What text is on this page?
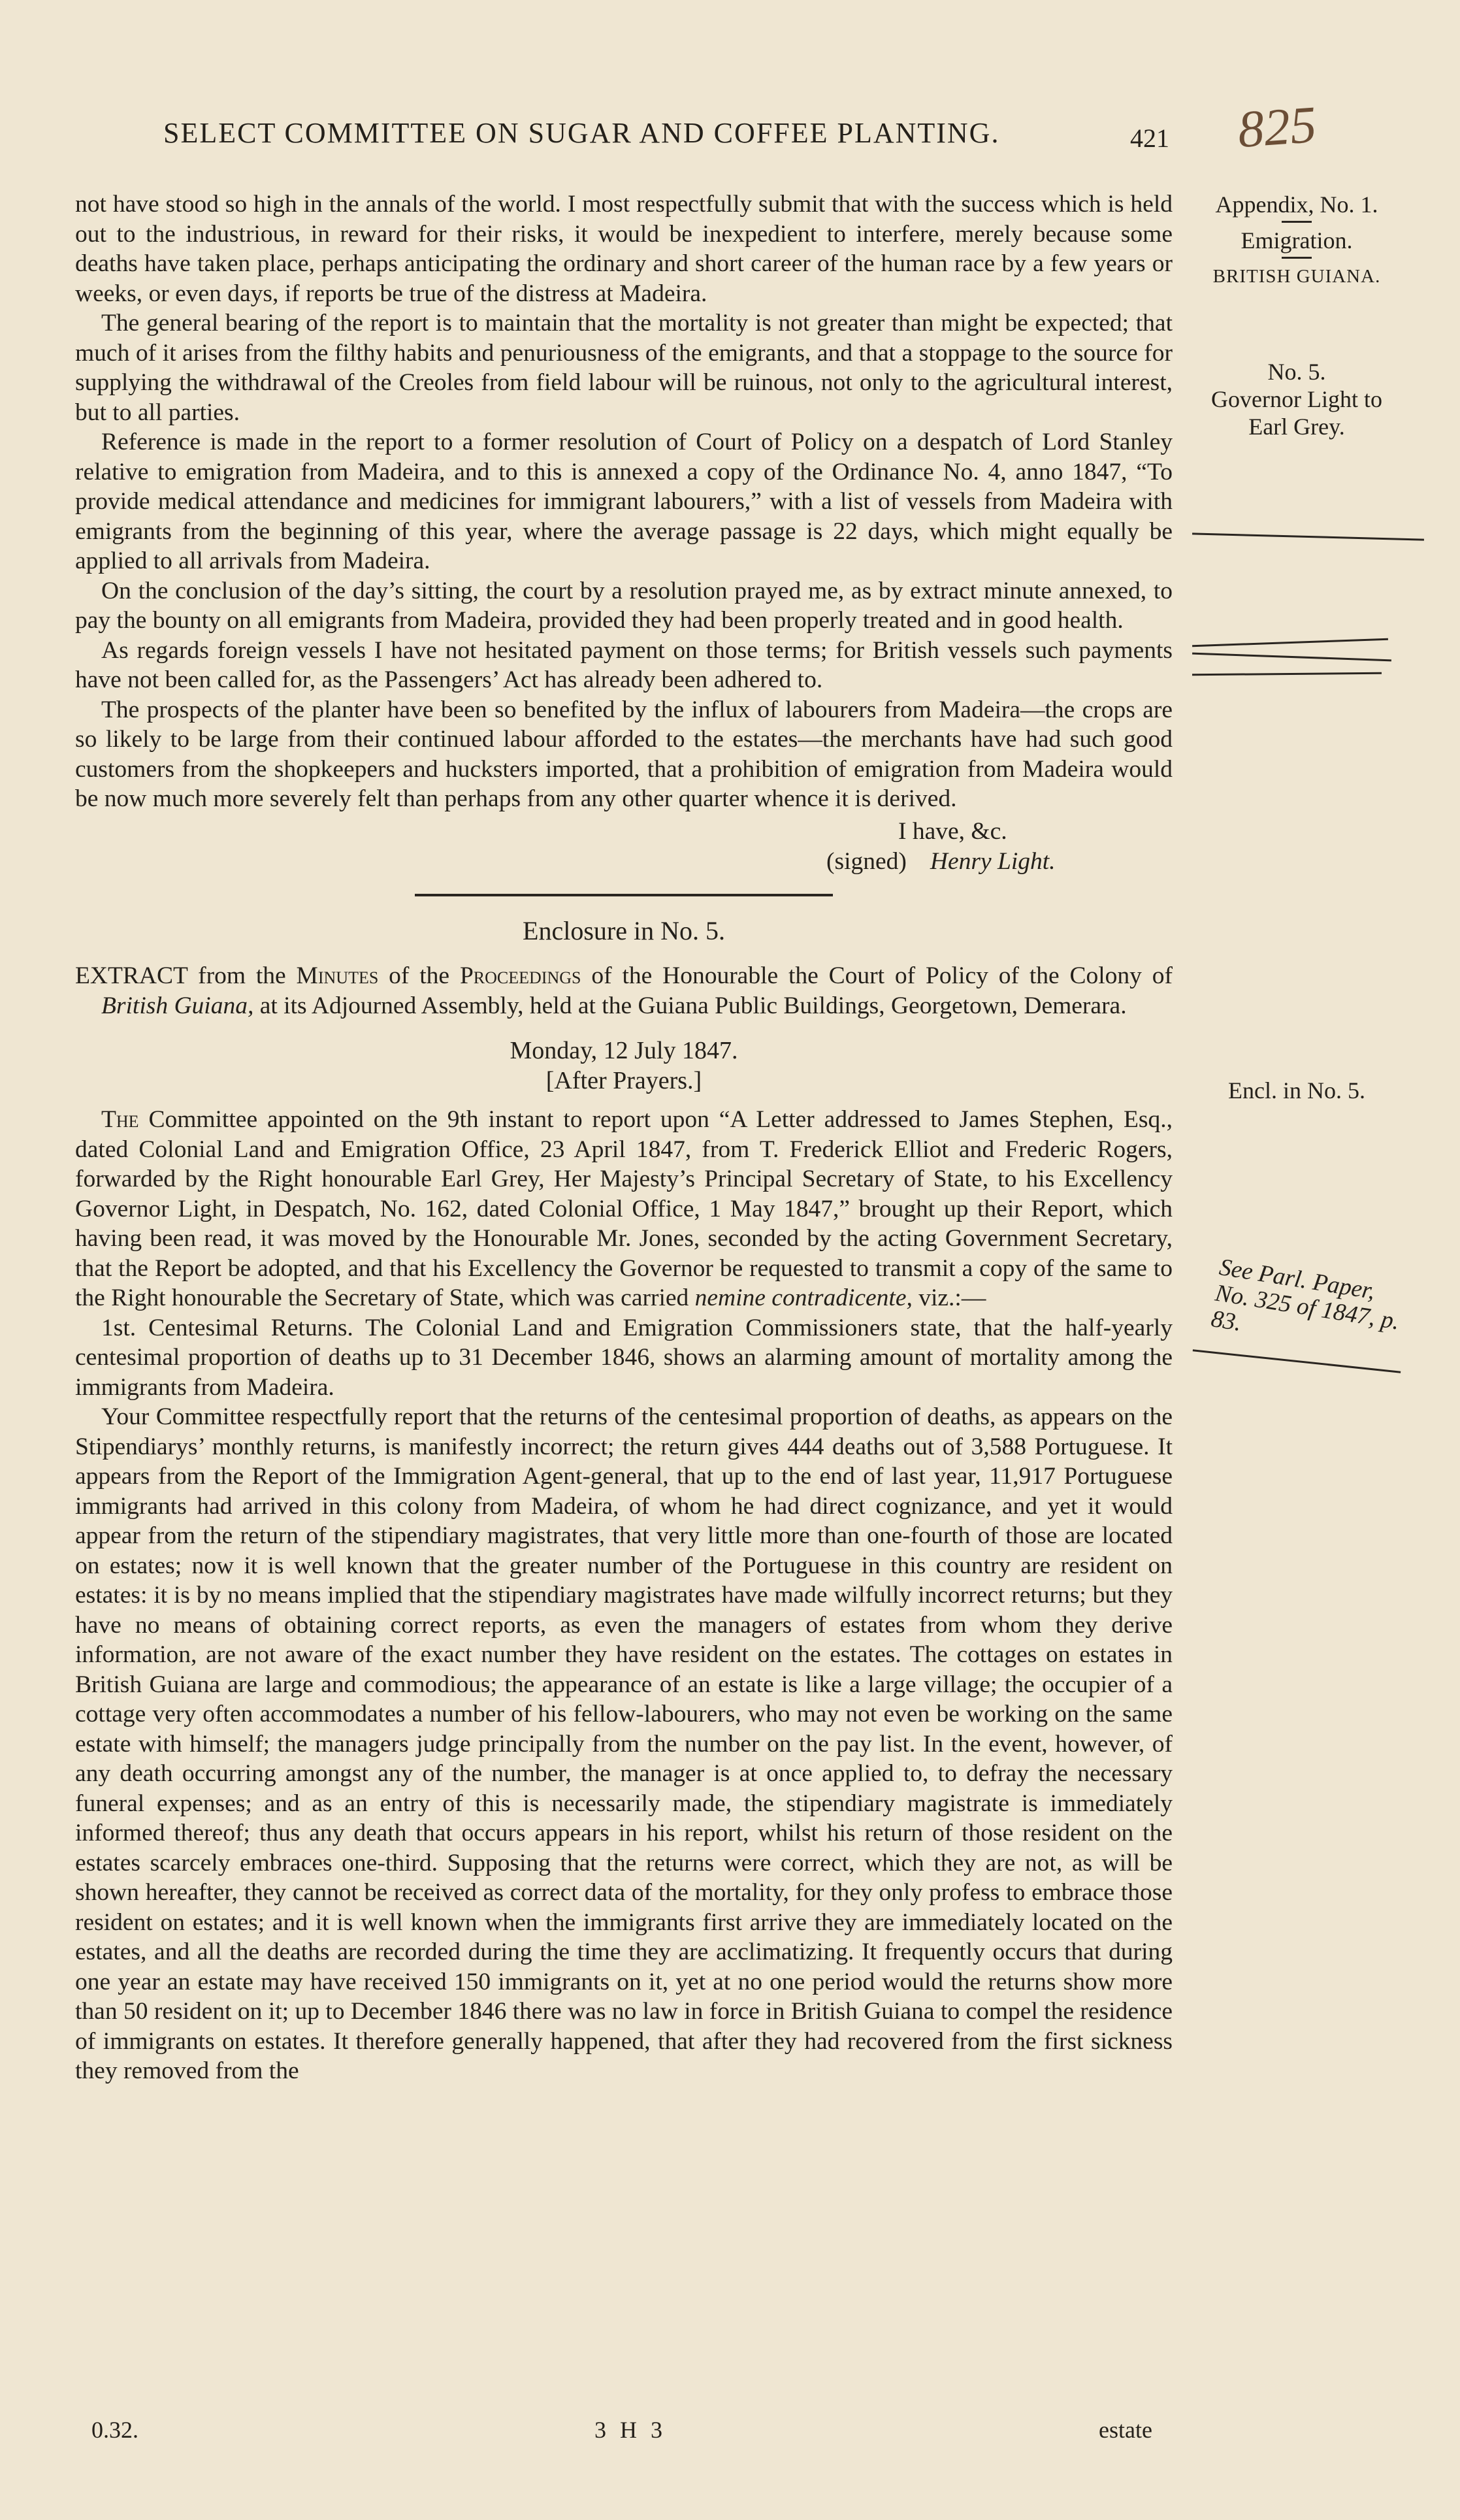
SELECT COMMITTEE ON SUGAR AND COFFEE PLANTING.	421 825

not have stood so high in the annals of the world. I most respectfully submit that with the success which is held out to the industrious, in reward for their risks, it would be inexpedient to interfere, merely because some deaths have taken place, perhaps anticipating the ordinary and short career of the human race by a few years or weeks, or even days, if reports be true of the distress at Madeira.

The general bearing of the report is to maintain that the mortality is not greater than might be expected; that much of it arises from the filthy habits and penuriousness of the emigrants, and that a stoppage to the source for supplying the withdrawal of the Creoles from field labour will be ruinous, not only to the agricultural interest, but to all parties.

Reference is made in the report to a former resolution of Court of Policy on a despatch of Lord Stanley relative to emigration from Madeira, and to this is annexed a copy of the Ordinance No. 4, anno 1847, “To provide medical attendance and medicines for immigrant labourers,” with a list of vessels from Madeira with emigrants from the beginning of this year, where the average passage is 22 days, which might equally be applied to all arrivals from Madeira.

On the conclusion of the day’s sitting, the court by a resolution prayed me, as by extract minute annexed, to pay the bounty on all emigrants from Madeira, provided they had been properly treated and in good health.

As regards foreign vessels I have not hesitated payment on those terms; for British vessels such payments have not been called for, as the Passengers’ Act has already been adhered to.

The prospects of the planter have been so benefited by the influx of labourers from Madeira—the crops are so likely to be large from their continued labour afforded to the estates—the merchants have had such good customers from the shopkeepers and hucksters imported, that a prohibition of emigration from Madeira would be now much more severely felt than perhaps from any other quarter whence it is derived.

I have, &c.
(signed) Henry Light.

Enclosure in No. 5.

EXTRACT from the Minutes of the Proceedings of the Honourable the Court of Policy of the Colony of British Guiana, at its Adjourned Assembly, held at the Guiana Public Buildings, Georgetown, Demerara.

Monday, 12 July 1847.

[After Prayers.]

The Committee appointed on the 9th instant to report upon “A Letter addressed to James Stephen, Esq., dated Colonial Land and Emigration Office, 23 April 1847, from T. Frederick Elliot and Frederic Rogers, forwarded by the Right honourable Earl Grey, Her Majesty’s Principal Secretary of State, to his Excellency Governor Light, in Despatch, No. 162, dated Colonial Office, 1 May 1847,” brought up their Report, which having been read, it was moved by the Honourable Mr. Jones, seconded by the acting Government Secretary, that the Report be adopted, and that his Excellency the Governor be requested to transmit a copy of the same to the Right honourable the Secretary of State, which was carried nemine contradicente, viz.:—

1st. Centesimal Returns. The Colonial Land and Emigration Commissioners state, that the half-yearly centesimal proportion of deaths up to 31 December 1846, shows an alarming amount of mortality among the immigrants from Madeira.

Your Committee respectfully report that the returns of the centesimal proportion of deaths, as appears on the Stipendiarys’ monthly returns, is manifestly incorrect; the return gives 444 deaths out of 3,588 Portuguese. It appears from the Report of the Immigration Agent-general, that up to the end of last year, 11,917 Portuguese immigrants had arrived in this colony from Madeira, of whom he had direct cognizance, and yet it would appear from the return of the stipendiary magistrates, that very little more than one-fourth of those are located on estates; now it is well known that the greater number of the Portuguese in this country are resident on estates: it is by no means implied that the stipendiary magistrates have made wilfully incorrect returns; but they have no means of obtaining correct reports, as even the managers of estates from whom they derive information, are not aware of the exact number they have resident on the estates. The cottages on estates in British Guiana are large and commodious; the appearance of an estate is like a large village; the occupier of a cottage very often accommodates a number of his fellow-labourers, who may not even be working on the same estate with himself; the managers judge principally from the number on the pay list. In the event, however, of any death occurring amongst any of the number, the manager is at once applied to, to defray the necessary funeral expenses; and as an entry of this is necessarily made, the stipendiary magistrate is immediately informed thereof; thus any death that occurs appears in his report, whilst his return of those resident on the estates scarcely embraces one-third. Supposing that the returns were correct, which they are not, as will be shown hereafter, they cannot be received as correct data of the mortality, for they only profess to embrace those resident on estates; and it is well known when the immigrants first arrive they are immediately located on the estates, and all the deaths are recorded during the time they are acclimatizing. It frequently occurs that during one year an estate may have received 150 immigrants on it, yet at no one period would the returns show more than 50 resident on it; up to December 1846 there was no law in force in British Guiana to compel the residence of immigrants on estates. It therefore generally happened, that after they had recovered from the first sickness they removed from the

Appendix, No. 1.
Emigration.
BRITISH GUIANA.
No. 5.
Governor Light to Earl Grey.
Encl. in No. 5.
See Parl. Paper, No. 325 of 1847, p. 83.
0.32.	3 H 3	estate
